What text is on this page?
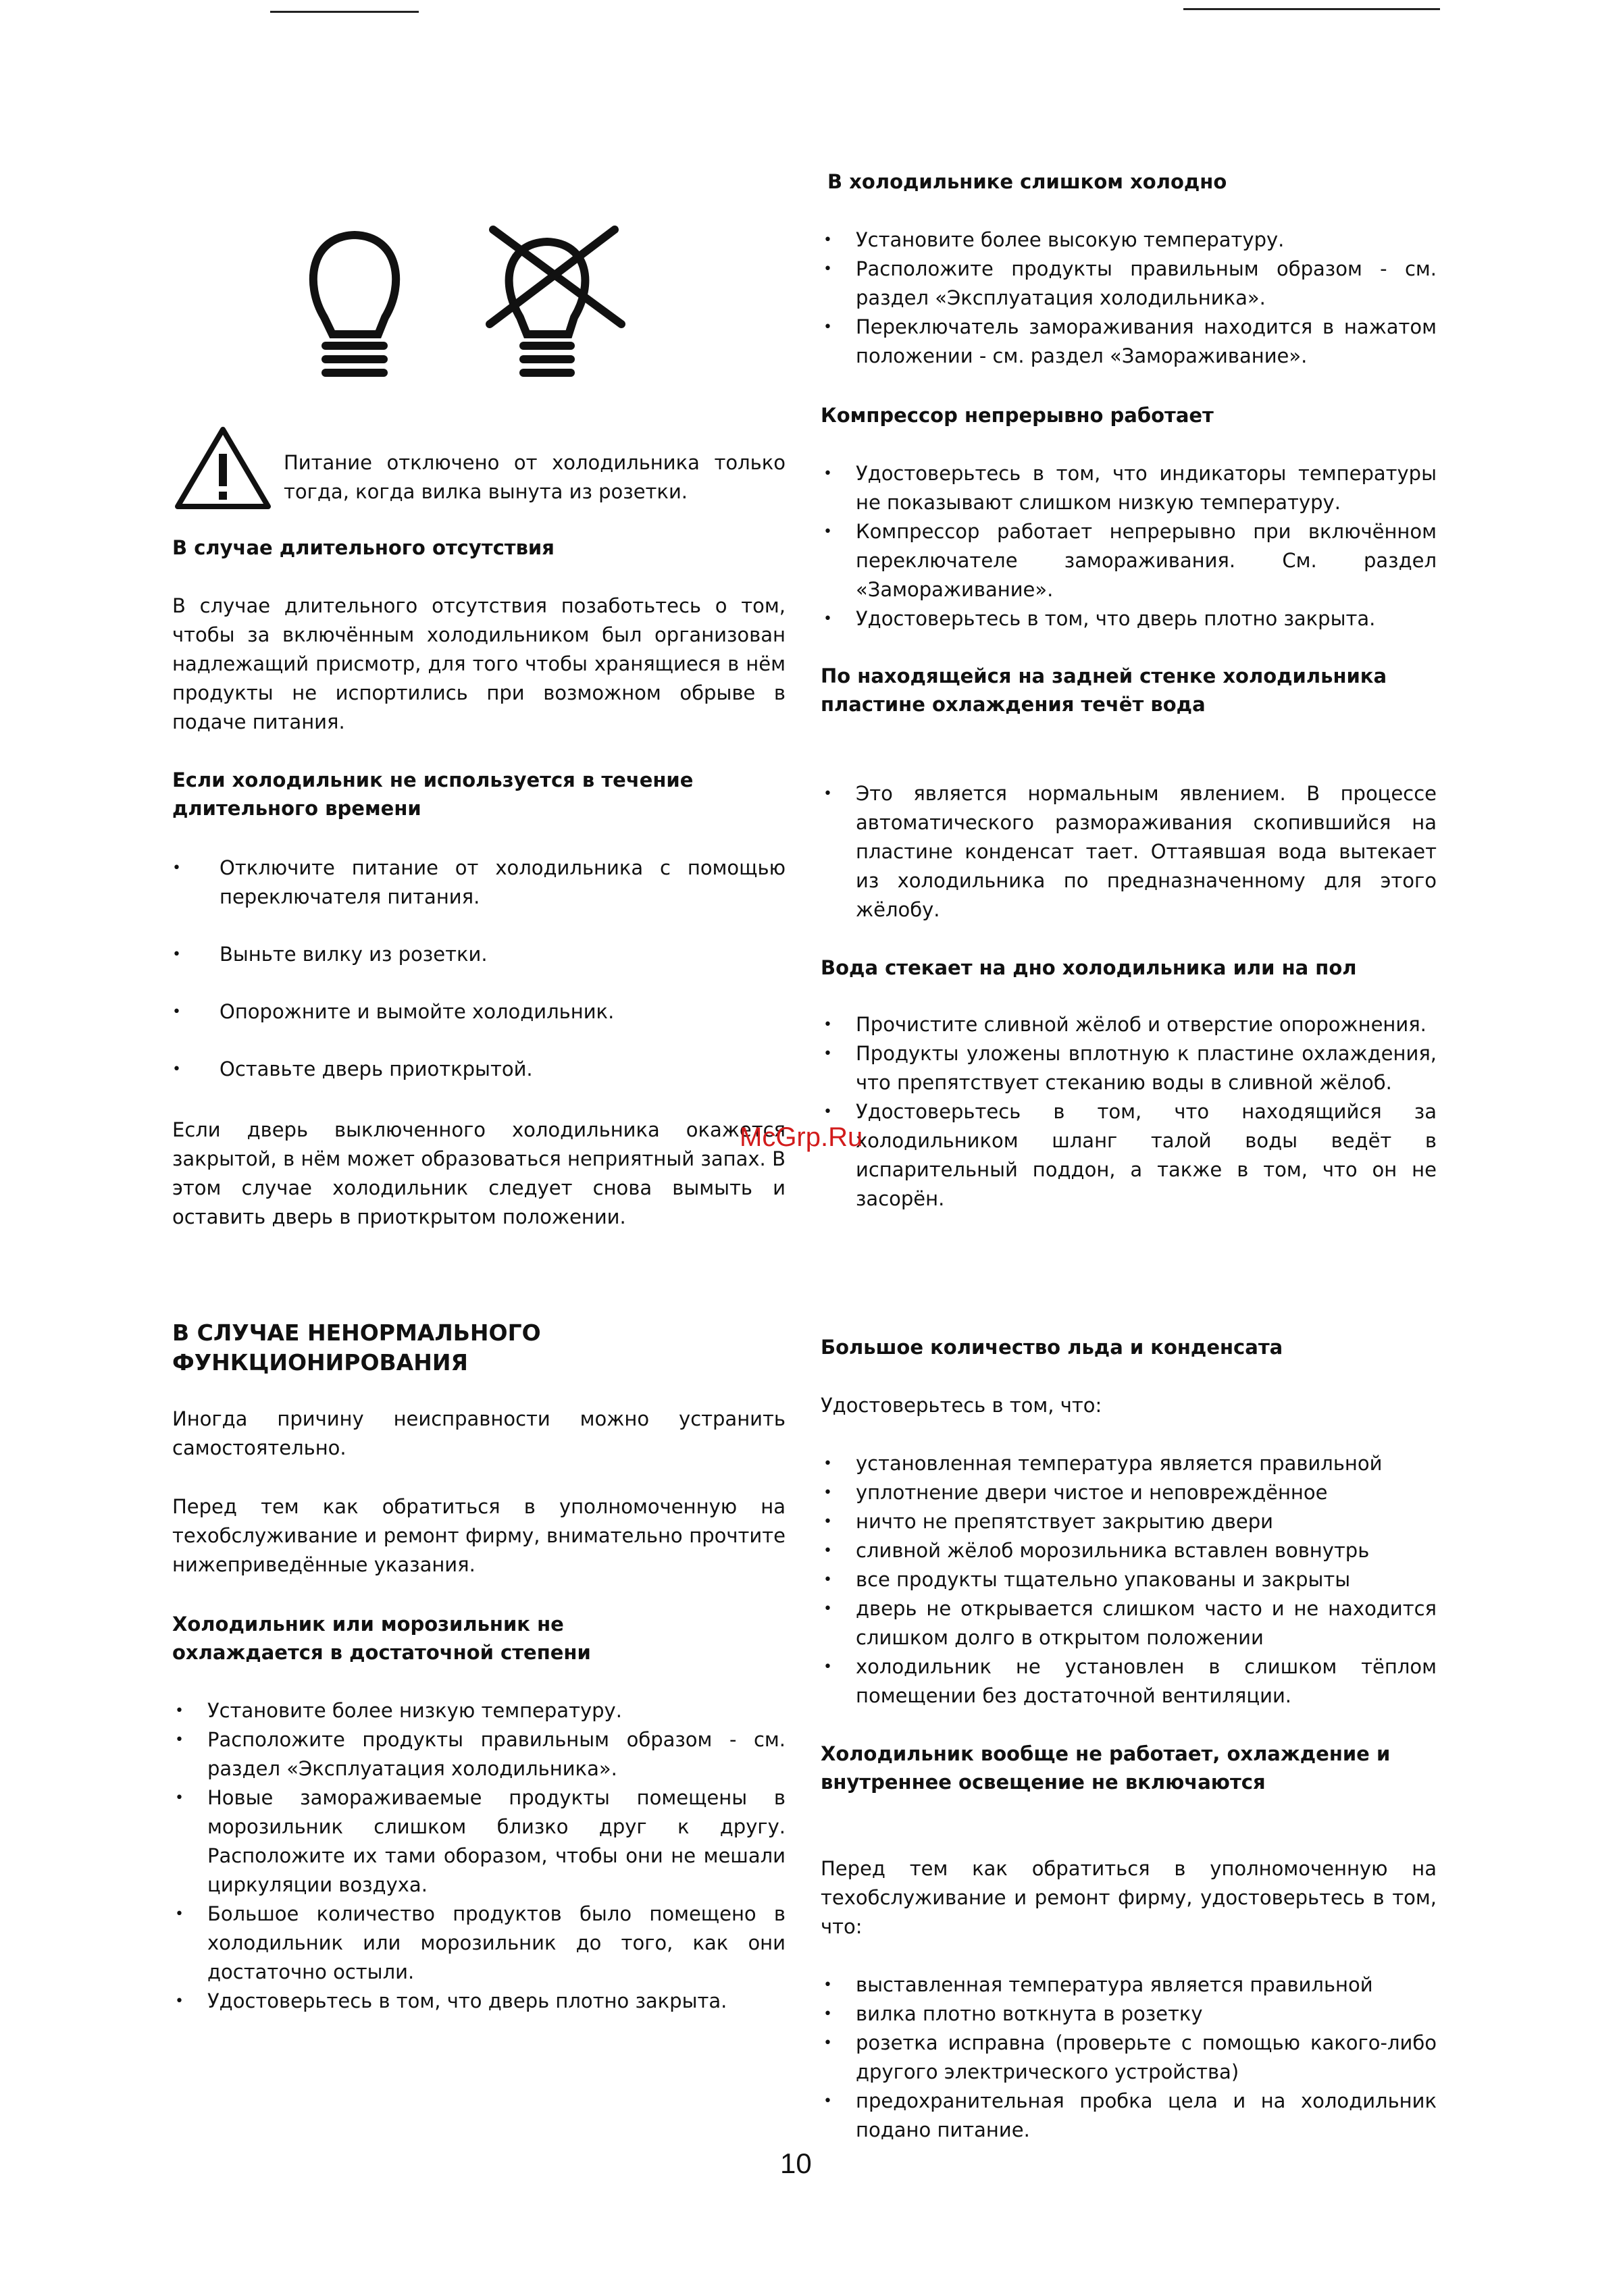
Питание отключено от холодильника только тогда, когда вилка вынута из розетки.
В случае длительного отсутствия

В случае длительного отсутствия позаботьтесь о том, чтобы за включённым холодильником был организован надлежащий присмотр, для того чтобы хранящиеся в нём продукты не испортились при возможном обрыве в подаче питания.

Если холодильник не используется в течение длительного времени
• Отключите питание от холодильника с помощью переключателя питания.
• Выньте вилку из розетки.
• Опорожните и вымойте холодильник.
• Оставьте дверь приоткрытой.

Если дверь выключенного холодильника окажется закрытой, в нём может образоваться неприятный запах. В этом случае холодильник следует снова вымыть и оставить дверь в приоткрытом положении.

В СЛУЧАЕ НЕНОРМАЛЬНОГО ФУНКЦИОНИРОВАНИЯ

Иногда причину неисправности можно устранить самостоятельно.

Перед тем как обратиться в уполномоченную на техобслуживание и ремонт фирму, внимательно прочтите нижеприведённые указания.

Холодильник или морозильник не охлаждается в достаточной степени
• Установите более низкую температуру.
• Расположите продукты правильным образом - см. раздел «Эксплуатация холодильника».
• Новые замораживаемые продукты помещены в морозильник слишком близко друг к другу. Расположите их тами оборазом, чтобы они не мешали циркуляции воздуха.
• Большое количество продуктов было помещено в холодильник или морозильник до того, как они достаточно остыли.
• Удостоверьтесь в том, что дверь плотно закрыта.
В холодильнике слишком холодно
• Установите более высокую температуру.
• Расположите продукты правильным образом - см. раздел «Эксплуатация холодильника».
• Переключатель замораживания находится в нажатом положении - см. раздел «Замораживание».
Компрессор непрерывно работает
• Удостоверьтесь в том, что индикаторы температуры не показывают слишком низкую температуру.
• Компрессор работает непрерывно при включённом переключателе замораживания. См. раздел «Замораживание».
• Удостоверьтесь в том, что дверь плотно закрыта.
По находящейся на задней стенке холодильника пластине охлаждения течёт вода
• Это является нормальным явлением. В процессе автоматического размораживания скопившийся на пластине конденсат тает. Оттаявшая вода вытекает из холодильника по предназначенному для этого жёлобу.
Вода стекает на дно холодильника или на пол
• Прочистите сливной жёлоб и отверстие опорожнения.
• Продукты уложены вплотную к пластине охлаждения, что препятствует стеканию воды в сливной жёлоб.
• Удостоверьтесь в том, что находящийся за холодильником шланг талой воды ведёт в испарительный поддон, а также в том, что он не засорён.
Большое количество льда и конденсата

Удостоверьтесь в том, что:

• установленная температура является правильной
• уплотнение двери чистое и неповреждённое
• ничто не препятствует закрытию двери
• сливной жёлоб морозильника вставлен вовнутрь
• все продукты тщательно упакованы и закрыты
• дверь не открывается слишком часто и не находится слишком долго в открытом положении
• холодильник не установлен в слишком тёплом помещении без достаточной вентиляции.
Холодильник вообще не работает, охлаждение и внутреннее освещение не включаются

Перед тем как обратиться в уполномоченную на техобслуживание и ремонт фирму, удостоверьтесь в том, что:

• выставленная температура является правильной
• вилка плотно воткнута в розетку
• розетка исправна (проверьте с помощью какого-либо другого электрического устройства)
• предохранительная пробка цела и на холодильник подано питание.
McGrp.Ru
10
